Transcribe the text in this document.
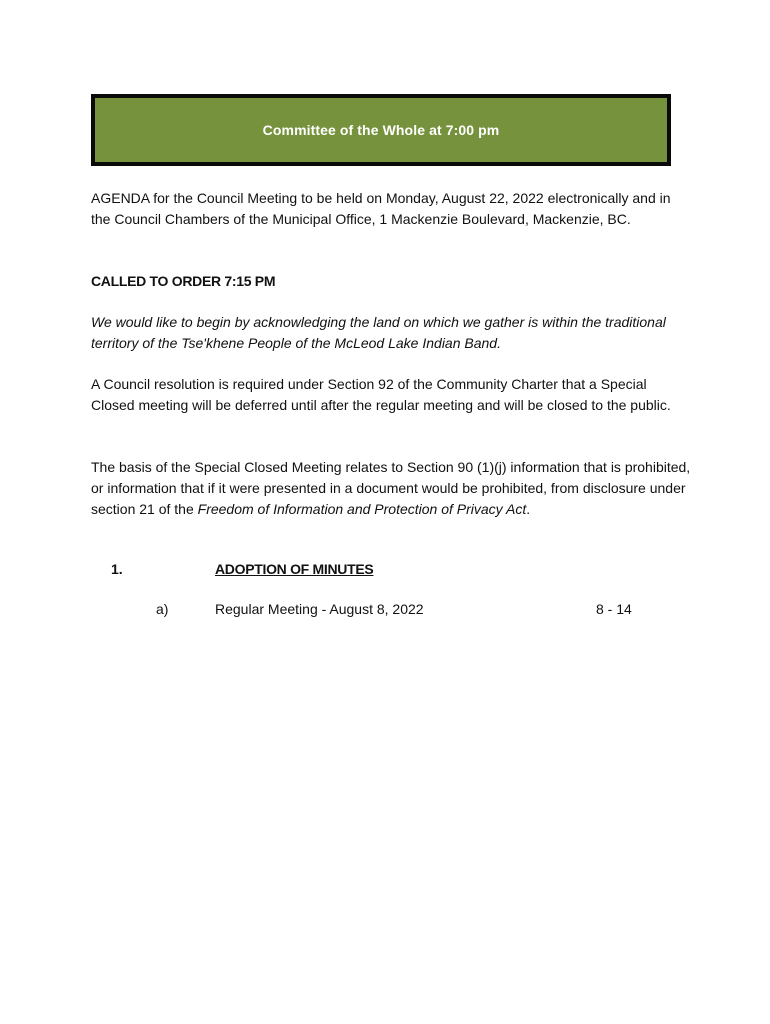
Committee of the Whole at 7:00 pm

AGENDA for the Council Meeting to be held on Monday, August 22, 2022 electronically and in the Council Chambers of the Municipal Office, 1 Mackenzie Boulevard, Mackenzie, BC.

CALLED TO ORDER 7:15 PM

We would like to begin by acknowledging the land on which we gather is within the traditional territory of the Tse'khene People of the McLeod Lake Indian Band.

A Council resolution is required under Section 92 of the Community Charter that a Special Closed meeting will be deferred until after the regular meeting and will be closed to the public.

The basis of the Special Closed Meeting relates to Section 90 (1)(j) information that is prohibited, or information that if it were presented in a document would be prohibited, from disclosure under section 21 of the Freedom of Information and Protection of Privacy Act.

1.	ADOPTION OF MINUTES
a)	Regular Meeting - August 8, 2022	8 - 14
